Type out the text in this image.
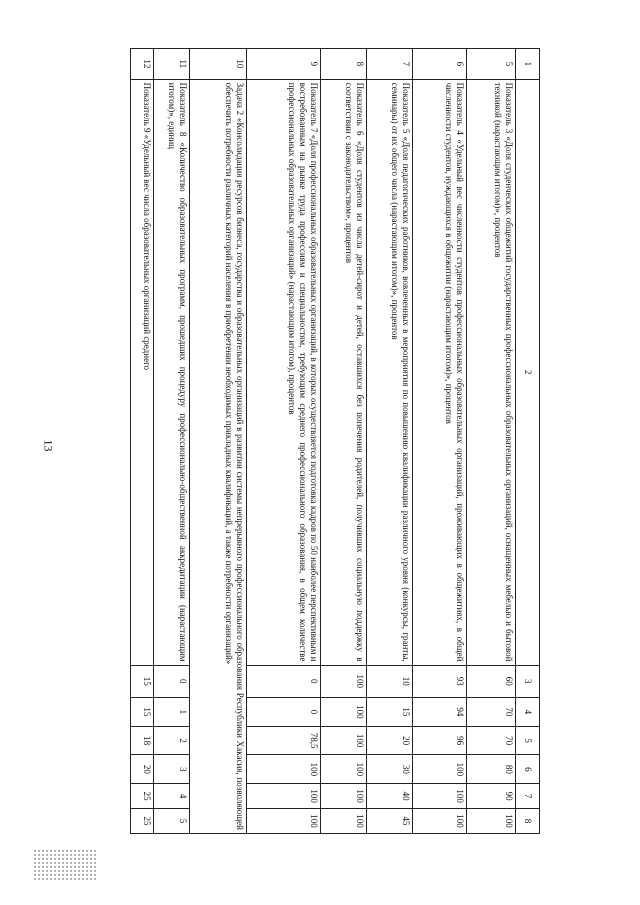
13
1	2	3	4	5	6	7	8
5	Показатель 3 «Доля студенческих общежитий государственных профессиональных образовательных организаций, оснащенных мебелью и бытовой техникой (нарастающим итогом)», процентов	60	70	70	80	90	100
6	Показатель 4 «Удельный вес численности студентов профессиональных образовательных организаций, проживающих в общежитиях, в общей численности студентов, нуждающихся в общежитии (нарастающим итогом)», процентов	93	94	96	100	100	100
7	Показатель 5 «Доля педагогических работников, вовлеченных в мероприятия по повышению квалификации различного уровня (конкурсы, гранты, семинары) от их общего числа (нарастающим итогом)», процентов	10	15	20	30	40	45
8	Показатель 6 «Доля студентов из числа детей-сирот и детей, оставшихся без попечения родителей, получивших социальную поддержку в соответствии с законодательством», процентов	100	100	100	100	100	100
9	Показатель 7 «Доля профессиональных образовательных организаций, в которых осуществляется подготовка кадров по 50 наиболее перспективным и востребованным на рынке труда профессиям и специальностям, требующим среднего профессионального образования, в общем количестве профессиональных образовательных организаций» (нарастающим итогом), процентов	0	0	78,5	100	100	100
10	Задача 2 «Консолидация ресурсов бизнеса, государства и образовательных организаций в развитии системы непрерывного профессионального образования Республики Хакасия, позволяющей обеспечить потребности различных категорий населения в приобретении необходимых прикладных квалификаций, а также потребности организаций»						
11	Показатель 8 «Количество образовательных программ, прошедших процедуру профессионально-общественной аккредитации (нарастающим итогом)», единиц	0	1	2	3	4	5
12	Показатель 9 «Удельный вес числа образовательных организаций среднего	15	15	18	20	25	25
